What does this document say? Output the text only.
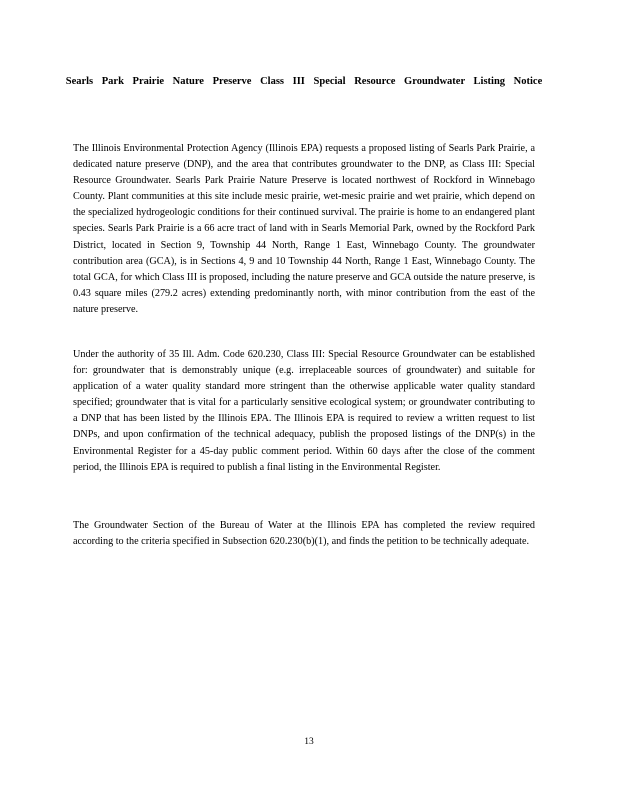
Searls Park Prairie Nature Preserve Class III Special Resource Groundwater Listing Notice

The Illinois Environmental Protection Agency (Illinois EPA) requests a proposed listing of Searls Park Prairie, a dedicated nature preserve (DNP), and the area that contributes groundwater to the DNP, as Class III: Special Resource Groundwater. Searls Park Prairie Nature Preserve is located northwest of Rockford in Winnebago County. Plant communities at this site include mesic prairie, wet-mesic prairie and wet prairie, which depend on the specialized hydrogeologic conditions for their continued survival. The prairie is home to an endangered plant species. Searls Park Prairie is a 66 acre tract of land with in Searls Memorial Park, owned by the Rockford Park District, located in Section 9, Township 44 North, Range 1 East, Winnebago County. The groundwater contribution area (GCA), is in Sections 4, 9 and 10 Township 44 North, Range 1 East, Winnebago County. The total GCA, for which Class III is proposed, including the nature preserve and GCA outside the nature preserve, is 0.43 square miles (279.2 acres) extending predominantly north, with minor contribution from the east of the nature preserve.

Under the authority of 35 Ill. Adm. Code 620.230, Class III: Special Resource Groundwater can be established for: groundwater that is demonstrably unique (e.g. irreplaceable sources of groundwater) and suitable for application of a water quality standard more stringent than the otherwise applicable water quality standard specified; groundwater that is vital for a particularly sensitive ecological system; or groundwater contributing to a DNP that has been listed by the Illinois EPA. The Illinois EPA is required to review a written request to list DNPs, and upon confirmation of the technical adequacy, publish the proposed listings of the DNP(s) in the Environmental Register for a 45-day public comment period. Within 60 days after the close of the comment period, the Illinois EPA is required to publish a final listing in the Environmental Register.

The Groundwater Section of the Bureau of Water at the Illinois EPA has completed the review required according to the criteria specified in Subsection 620.230(b)(1), and finds the petition to be technically adequate.

13
